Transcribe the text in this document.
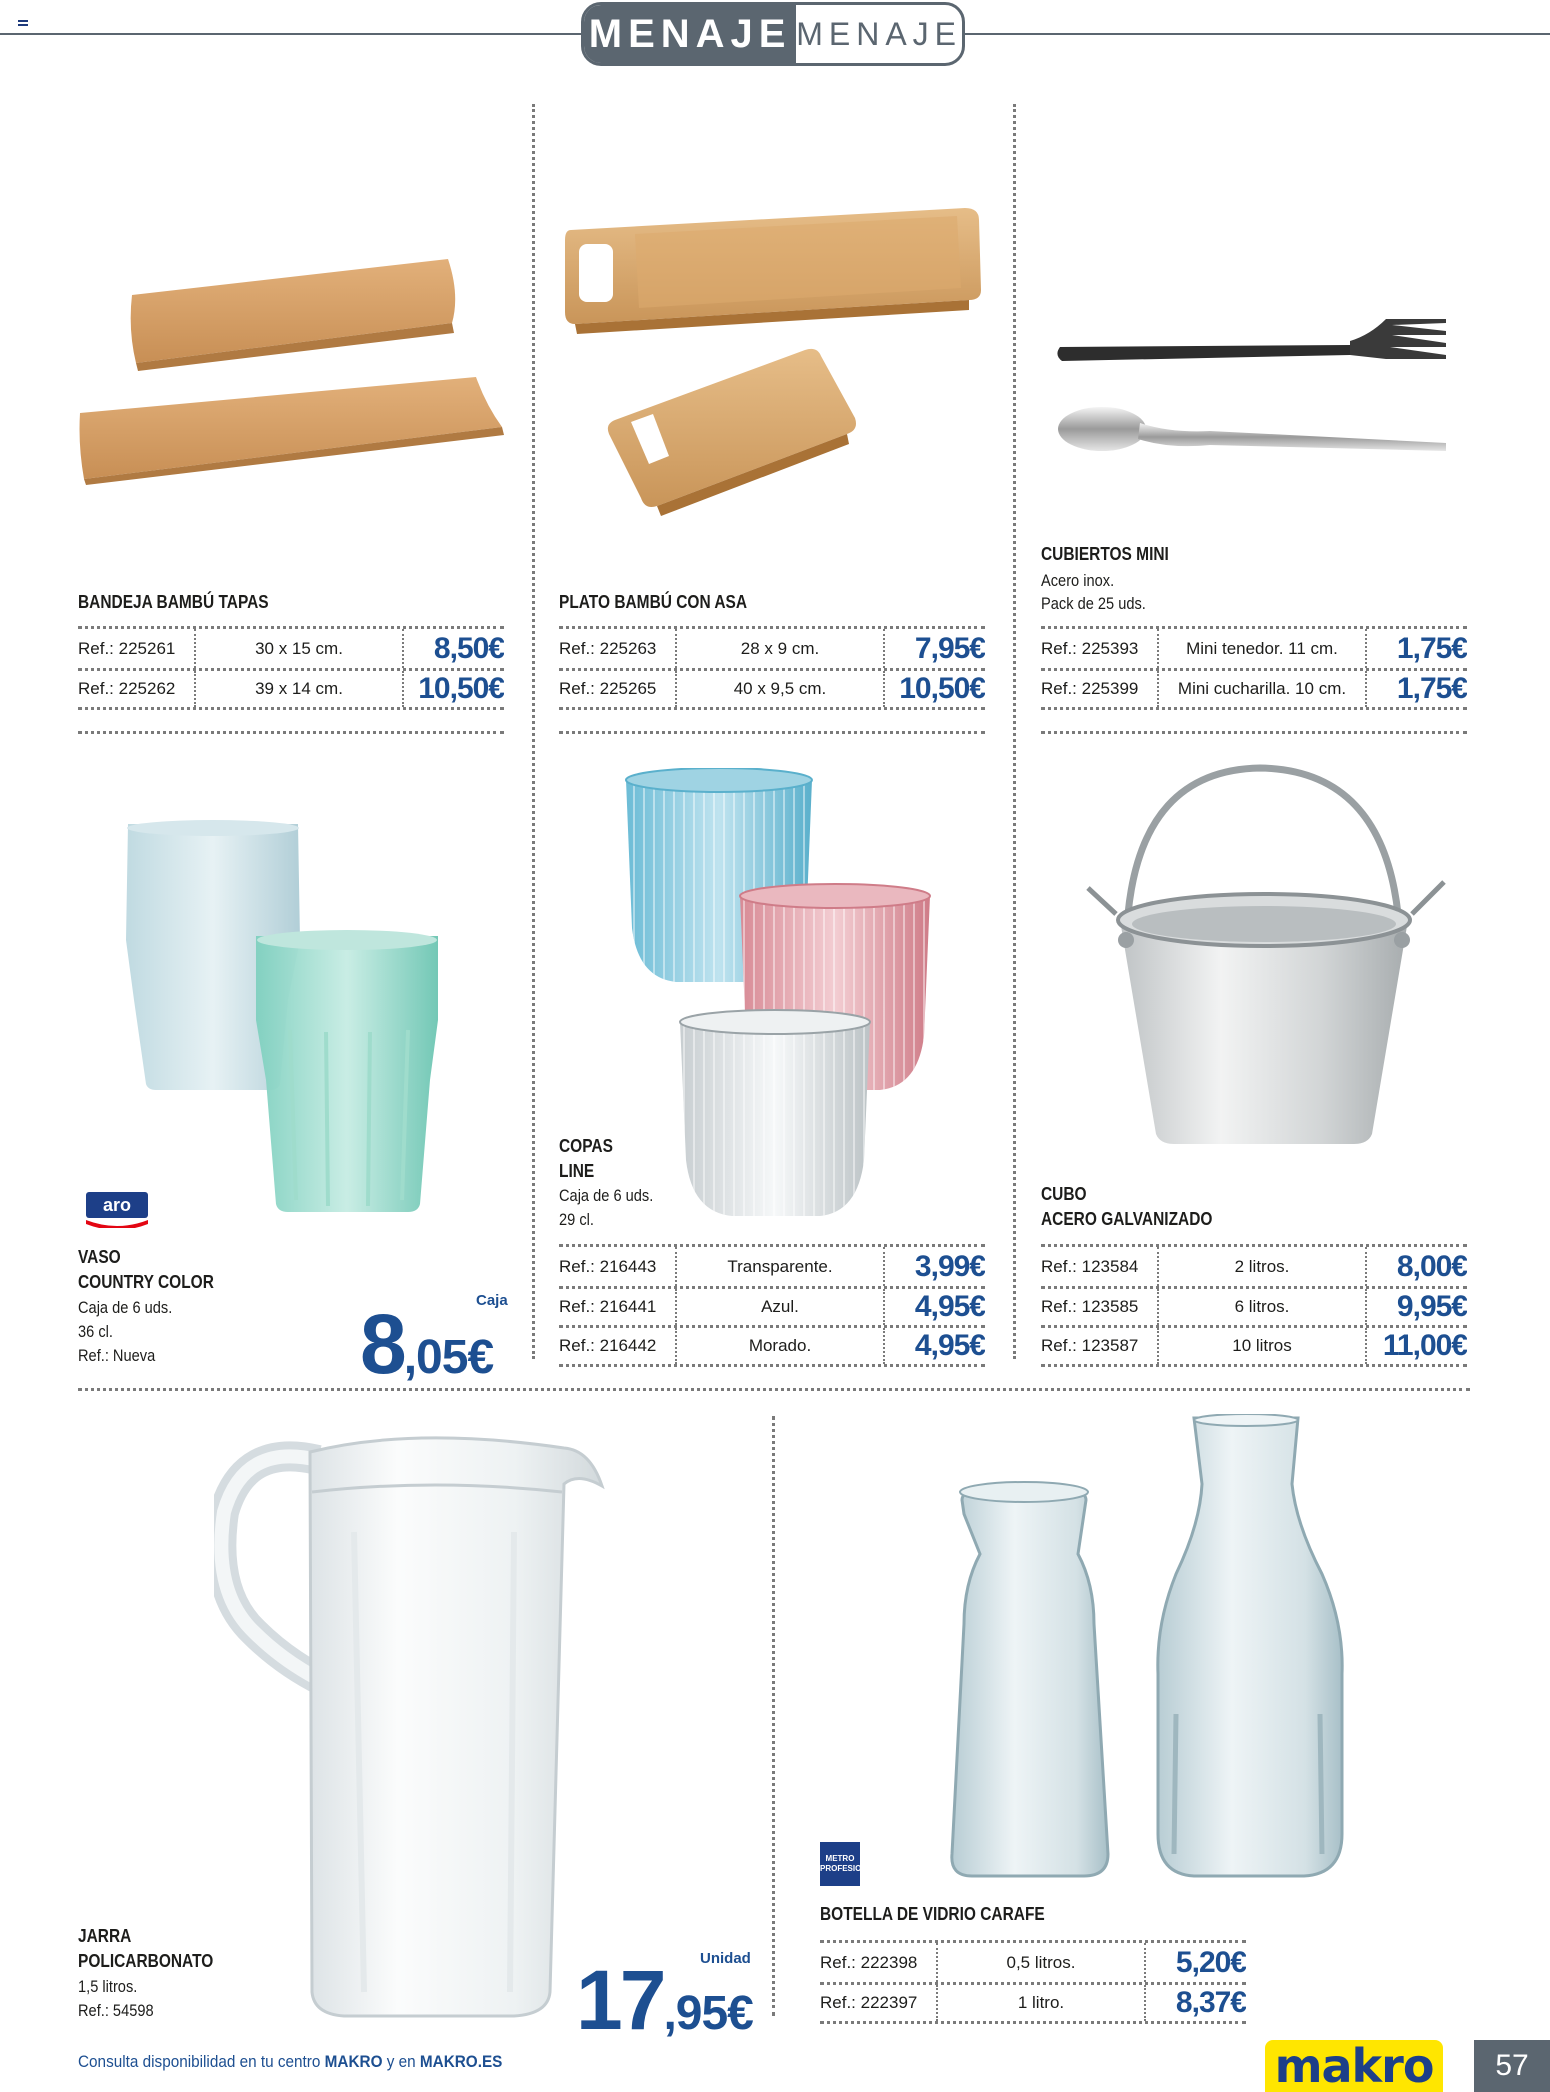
MENAJE MENAJE
BANDEJA BAMBÚ TAPAS
Ref.: 225261	30 x 15 cm.	8,50€
Ref.: 225262	39 x 14 cm.	10,50€
PLATO BAMBÚ CON ASA
Ref.: 225263	28 x 9 cm.	7,95€
Ref.: 225265	40 x 9,5 cm.	10,50€
CUBIERTOS MINI
Acero inox.
Pack de 25 uds.
Ref.: 225393	Mini tenedor. 11 cm.	1,75€
Ref.: 225399	Mini cucharilla. 10 cm.	1,75€
aro
VASO
COUNTRY COLOR
Caja de 6 uds.
36 cl.
Ref.: Nueva
Caja
8,05€
COPAS
LINE
Caja de 6 uds.
29 cl.
Ref.: 216443	Transparente.	3,99€
Ref.: 216441	Azul.	4,95€
Ref.: 216442	Morado.	4,95€
CUBO
ACERO GALVANIZADO
Ref.: 123584	2 litros.	8,00€
Ref.: 123585	6 litros.	9,95€
Ref.: 123587	10 litros	11,00€
JARRA
POLICARBONATO
1,5 litros.
Ref.: 54598
Unidad
17,95€
METRO PROFESIONAL
BOTELLA DE VIDRIO CARAFE
Ref.: 222398	0,5 litros.	5,20€
Ref.: 222397	1 litro.	8,37€
Consulta disponibilidad en tu centro MAKRO y en MAKRO.ES	makro	57
